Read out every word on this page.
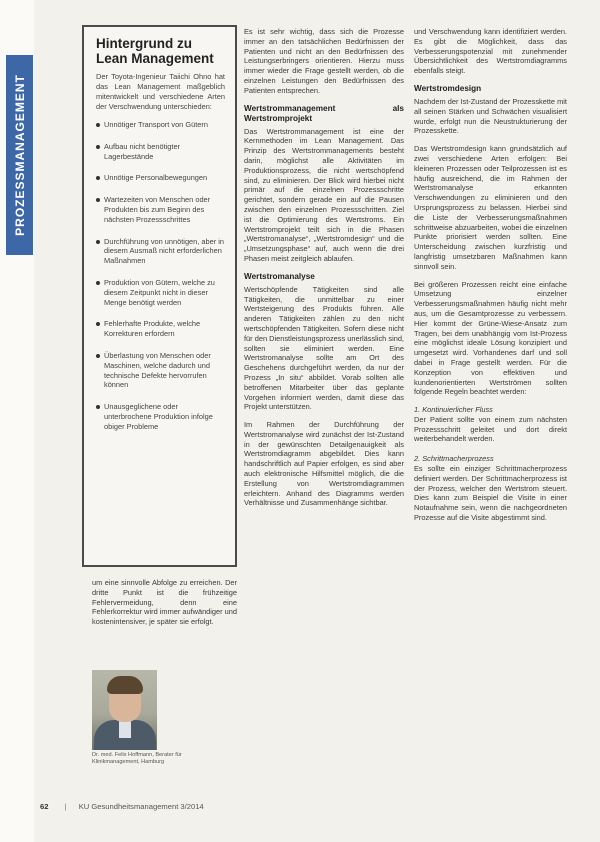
PROZESSMANAGEMENT
Hintergrund zu Lean Management

Der Toyota-Ingenieur Taiichi Ohno hat das Lean Management maßgeblich mitentwickelt und verschiedene Arten der Verschwendung unterschieden:

Unnötiger Transport von Gütern
Aufbau nicht benötigter Lagerbestände
Unnötige Personalbewegungen
Wartezeiten von Menschen oder Produkten bis zum Beginn des nächsten Prozessschrittes
Durchführung von unnötigen, aber in diesem Ausmaß nicht erforderlichen Maßnahmen
Produktion von Gütern, welche zu diesem Zeitpunkt nicht in dieser Menge benötigt werden
Fehlerhafte Produkte, welche Korrekturen erfordern
Überlastung von Menschen oder Maschinen, welche dadurch und technische Defekte hervorrufen können
Unausgeglichene oder unterbrochene Produktion infolge obiger Probleme

um eine sinnvolle Abfolge zu erreichen. Der dritte Punkt ist die frühzeitige Fehlervermeidung, denn eine Fehlerkorrektur wird immer aufwändiger und kostenintensiver, je später sie erfolgt.

Dr. med. Felix Hoffmann, Berater für Klinikmanagement, Hamburg

Es ist sehr wichtig, dass sich die Prozesse immer an den tatsächlichen Bedürfnissen der Patienten und nicht an den Bedürfnissen des Leistungserbringers orientieren. Hierzu muss immer wieder die Frage gestellt werden, ob die einzelnen Leistungen den Bedürfnissen des Patienten entsprechen.

Wertstrommanagement als Wertstromprojekt

Das Wertstrommanagement ist eine der Kernmethoden im Lean Management. Das Prinzip des Wertstrommanagements besteht darin, möglichst alle Aktivitäten im Produktionsprozess, die nicht wertschöpfend sind, zu eliminieren. Der Blick wird hierbei nicht primär auf die einzelnen Prozessschritte gerichtet, sondern gerade ein auf die Pausen zwischen den einzelnen Prozessschritten. Ziel ist die Optimierung des Wertstroms. Ein Wertstromprojekt teilt sich in die Phasen „Wertstromanalyse“, „Wertstromdesign“ und die „Umsetzungsphase“ auf, auch wenn die drei Phasen meist zeitgleich ablaufen.

Wertstromanalyse

Wertschöpfende Tätigkeiten sind alle Tätigkeiten, die unmittelbar zu einer Wertsteigerung des Produkts führen. Alle anderen Tätigkeiten zählen zu den nicht wertschöpfenden Tätigkeiten. Sofern diese nicht für den Dienstleistungsprozess unerlässlich sind, sollten sie eliminiert werden. Eine Wertstromanalyse sollte am Ort des Geschehens durchgeführt werden, da nur der Prozess „In situ“ abbildet. Vorab sollten alle betroffenen Mitarbeiter über das geplante Vorgehen informiert werden, damit diese das Projekt unterstützen.

Im Rahmen der Durchführung der Wertstromanalyse wird zunächst der Ist-Zustand in der gewünschten Detailgenauigkeit als Wertstromdiagramm abgebildet. Dies kann handschriftlich auf Papier erfolgen, es sind aber auch elektronische Hilfsmittel möglich, die die Erstellung von Wertstromdiagrammen erleichtern. Anhand des Diagramms werden Verhältnisse und Zusammenhänge sichtbar.

und Verschwendung kann identifiziert werden. Es gibt die Möglichkeit, dass das Verbesserungspotenzial mit zunehmender Übersichtlichkeit des Wertstromdiagramms ebenfalls steigt.

Wertstromdesign

Nachdem der Ist-Zustand der Prozesskette mit all seinen Stärken und Schwächen visualisiert wurde, erfolgt nun die Neustrukturierung der Prozesskette.

Das Wertstromdesign kann grundsätzlich auf zwei verschiedene Arten erfolgen: Bei kleineren Prozessen oder Teilprozessen ist es häufig ausreichend, die im Rahmen der Wertstromanalyse erkannten Verschwendungen zu eliminieren und den Ursprungsprozess zu belassen. Hierbei sind die Liste der Verbesserungsmaßnahmen schrittweise abzuarbeiten, wobei die einzelnen Punkte priorisiert werden sollten. Eine Unterscheidung zwischen kurzfristig und langfristig umsetzbaren Maßnahmen kann sinnvoll sein.

Bei größeren Prozessen reicht eine einfache Umsetzung einzelner Verbesserungsmaßnahmen häufig nicht mehr aus, um die Gesamtprozesse zu verbessern. Hier kommt der Grüne-Wiese-Ansatz zum Tragen, bei dem unabhängig vom Ist-Prozess eine möglichst ideale Lösung konzipiert und umgesetzt wird. Vorhandenes darf und soll dabei in Frage gestellt werden. Für die Konzeption von effektiven und kundenorientierten Wertströmen sollten folgende Regeln beachtet werden:

1. Kontinuierlicher Fluss
Der Patient sollte von einem zum nächsten Prozessschritt geleitet und dort direkt weiterbehandelt werden.
2. Schrittmacherprozess
Es sollte ein einziger Schrittmacherprozess definiert werden. Der Schrittmacherprozess ist der Prozess, welcher den Wertstrom steuert. Dies kann zum Beispiel die Visite in einer Notaufnahme sein, wenn die nachgeordneten Prozesse auf die Visite abgestimmt sind.
62 | KU Gesundheitsmanagement 3/2014
